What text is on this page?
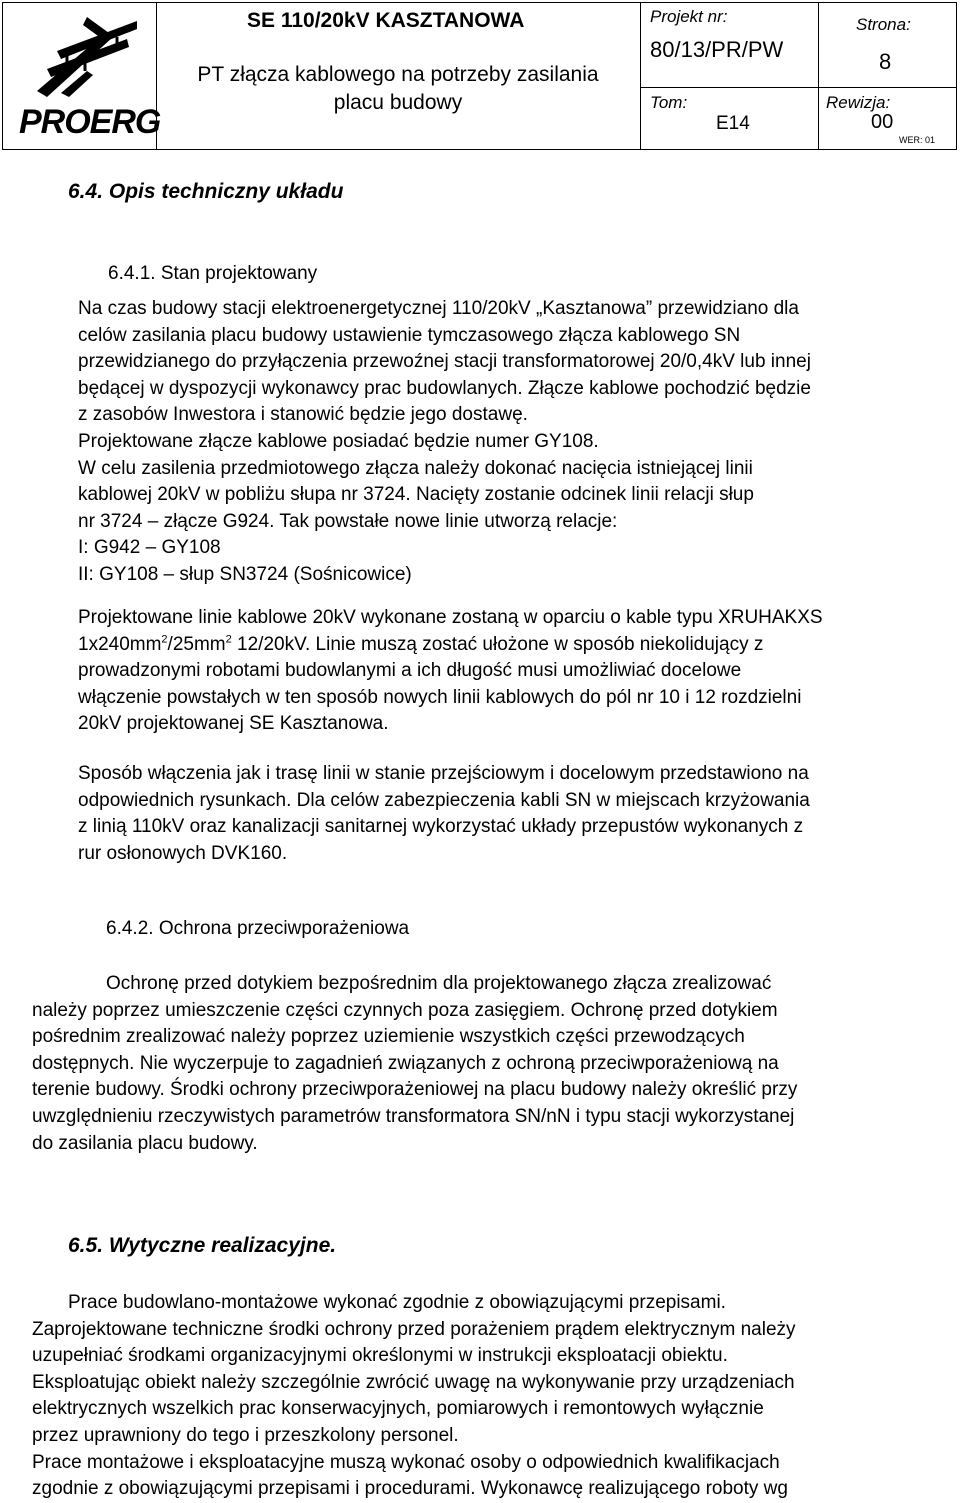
PROERG
SE 110/20kV KASZTANOWA
PT złącza kablowego na potrzeby zasilania
placu budowy
Projekt nr:
80/13/PR/PW
Strona:
8
Tom:
E14
Rewizja:
00
WER: 01
6.4. Opis techniczny układu
6.4.1. Stan projektowany
Na czas budowy stacji elektroenergetycznej 110/20kV „Kasztanowa” przewidziano dla
celów zasilania placu budowy ustawienie tymczasowego złącza kablowego SN
przewidzianego do przyłączenia przewoźnej stacji transformatorowej 20/0,4kV lub innej
będącej w dyspozycji wykonawcy prac budowlanych. Złącze kablowe pochodzić będzie
z zasobów Inwestora i stanowić będzie jego dostawę.
Projektowane złącze kablowe posiadać będzie numer GY108.
W celu zasilenia przedmiotowego złącza należy dokonać nacięcia istniejącej linii
kablowej 20kV w pobliżu słupa nr 3724. Nacięty zostanie odcinek linii relacji słup
nr 3724 – złącze G924. Tak powstałe nowe linie utworzą relacje:
I: G942 – GY108
II: GY108 – słup SN3724 (Sośnicowice)
Projektowane linie kablowe 20kV wykonane zostaną w oparciu o kable typu XRUHAKXS
$1x240mm^2/25mm^2$ 12/20kV. Linie muszą zostać ułożone w sposób niekolidujący z
prowadzonymi robotami budowlanymi a ich długość musi umożliwiać docelowe
włączenie powstałych w ten sposób nowych linii kablowych do pól nr 10 i 12 rozdzielni
20kV projektowanej SE Kasztanowa.
Sposób włączenia jak i trasę linii w stanie przejściowym i docelowym przedstawiono na
odpowiednich rysunkach. Dla celów zabezpieczenia kabli SN w miejscach krzyżowania
z linią 110kV oraz kanalizacji sanitarnej wykorzystać układy przepustów wykonanych z
rur osłonowych DVK160.
6.4.2. Ochrona przeciwporażeniowa
Ochronę przed dotykiem bezpośrednim dla projektowanego złącza zrealizować
należy poprzez umieszczenie części czynnych poza zasięgiem. Ochronę przed dotykiem
pośrednim zrealizować należy poprzez uziemienie wszystkich części przewodzących
dostępnych. Nie wyczerpuje to zagadnień związanych z ochroną przeciwporażeniową na
terenie budowy. Środki ochrony przeciwporażeniowej na placu budowy należy określić przy
uwzględnieniu rzeczywistych parametrów transformatora SN/nN i typu stacji wykorzystanej
do zasilania placu budowy.
6.5. Wytyczne realizacyjne.
Prace budowlano-montażowe wykonać zgodnie z obowiązującymi przepisami.
Zaprojektowane techniczne środki ochrony przed porażeniem prądem elektrycznym należy
uzupełniać środkami organizacyjnymi określonymi w instrukcji eksploatacji obiektu.
Eksploatując obiekt należy szczególnie zwrócić uwagę na wykonywanie przy urządzeniach
elektrycznych wszelkich prac konserwacyjnych, pomiarowych i remontowych wyłącznie
przez uprawniony do tego i przeszkolony personel.
Prace montażowe i eksploatacyjne muszą wykonać osoby o odpowiednich kwalifikacjach
zgodnie z obowiązującymi przepisami i procedurami. Wykonawcę realizującego roboty wg
